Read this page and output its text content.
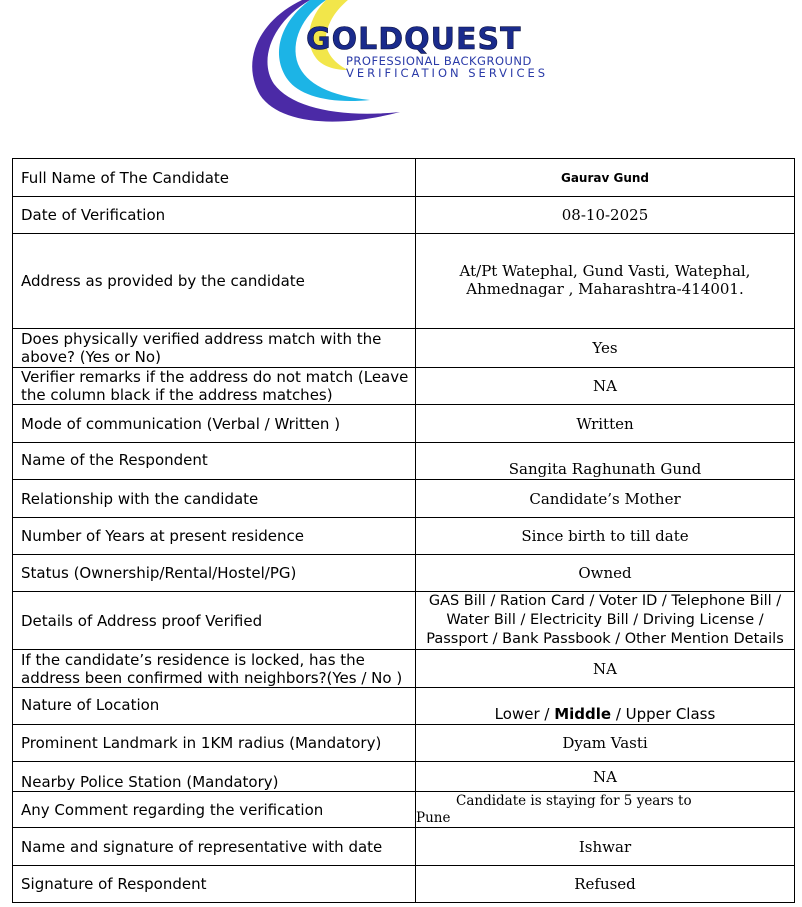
GOLDQUEST
PROFESSIONAL BACKGROUND
VERIFICATION SERVICES
Full Name of The Candidate	Gaurav Gund
Date of Verification	08-10-2025
Address as provided by the candidate	At/Pt Watephal, Gund Vasti, Watephal, Ahmednagar , Maharashtra-414001.
Does physically verified address match with the above? (Yes or No)	Yes
Verifier remarks if the address do not match (Leave the column black if the address matches)	NA
Mode of communication (Verbal / Written )	Written
Name of the Respondent	Sangita Raghunath Gund
Relationship with the candidate	Candidate’s Mother
Number of Years at present residence	Since birth to till date
Status (Ownership/Rental/Hostel/PG)	Owned
Details of Address proof Verified	GAS Bill / Ration Card / Voter ID / Telephone Bill / Water Bill / Electricity Bill / Driving License / Passport / Bank Passbook / Other Mention Details
If the candidate’s residence is locked, has the address been confirmed with neighbors?(Yes / No )	NA
Nature of Location	Lower / Middle / Upper Class
Prominent Landmark in 1KM radius (Mandatory)	Dyam Vasti
Nearby Police Station (Mandatory)	NA
Any Comment regarding the verification	Candidate is staying for 5 years to
Pune

Name and signature of representative with date	Ishwar
Signature of Respondent	Refused
